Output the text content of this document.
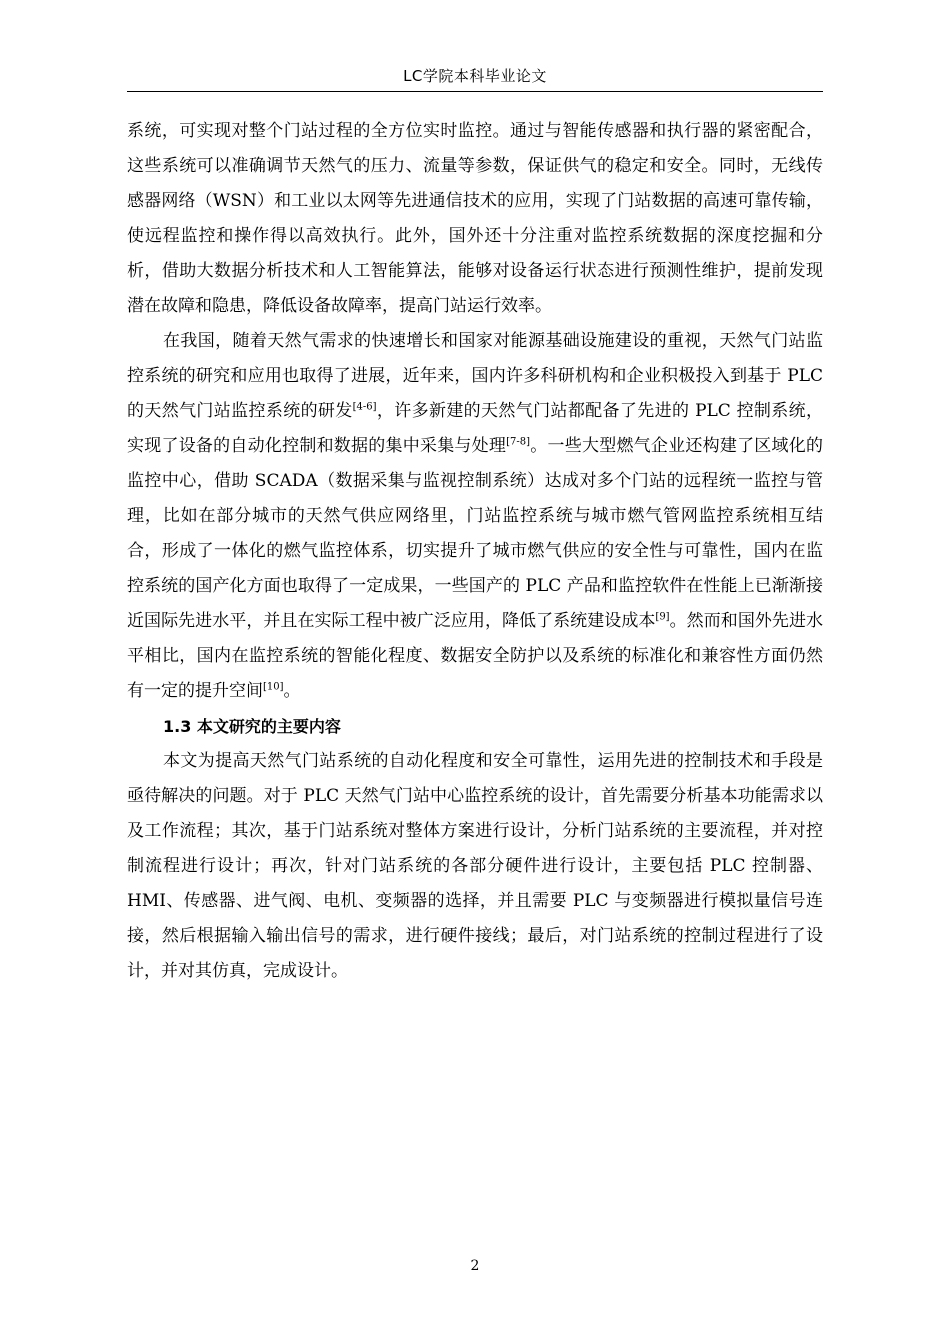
LC学院本科毕业论文

系统，可实现对整个门站过程的全方位实时监控。通过与智能传感器和执行器的紧密配合，这些系统可以准确调节天然气的压力、流量等参数，保证供气的稳定和安全。同时，无线传感器网络（WSN）和工业以太网等先进通信技术的应用，实现了门站数据的高速可靠传输，使远程监控和操作得以高效执行。此外，国外还十分注重对监控系统数据的深度挖掘和分析，借助大数据分析技术和人工智能算法，能够对设备运行状态进行预测性维护，提前发现潜在故障和隐患，降低设备故障率，提高门站运行效率。

在我国，随着天然气需求的快速增长和国家对能源基础设施建设的重视，天然气门站监控系统的研究和应用也取得了进展，近年来，国内许多科研机构和企业积极投入到基于 PLC 的天然气门站监控系统的研发[4-6]，许多新建的天然气门站都配备了先进的 PLC 控制系统，实现了设备的自动化控制和数据的集中采集与处理[7-8]。一些大型燃气企业还构建了区域化的监控中心，借助 SCADA（数据采集与监视控制系统）达成对多个门站的远程统一监控与管理，比如在部分城市的天然气供应网络里，门站监控系统与城市燃气管网监控系统相互结合，形成了一体化的燃气监控体系，切实提升了城市燃气供应的安全性与可靠性，国内在监控系统的国产化方面也取得了一定成果，一些国产的 PLC 产品和监控软件在性能上已渐渐接近国际先进水平，并且在实际工程中被广泛应用，降低了系统建设成本[9]。然而和国外先进水平相比，国内在监控系统的智能化程度、数据安全防护以及系统的标准化和兼容性方面仍然有一定的提升空间[10]。

1.3 本文研究的主要内容

本文为提高天然气门站系统的自动化程度和安全可靠性，运用先进的控制技术和手段是亟待解决的问题。对于 PLC 天然气门站中心监控系统的设计，首先需要分析基本功能需求以及工作流程；其次，基于门站系统对整体方案进行设计，分析门站系统的主要流程，并对控制流程进行设计；再次，针对门站系统的各部分硬件进行设计，主要包括 PLC 控制器、HMI、传感器、进气阀、电机、变频器的选择，并且需要 PLC 与变频器进行模拟量信号连接，然后根据输入输出信号的需求，进行硬件接线；最后，对门站系统的控制过程进行了设计，并对其仿真，完成设计。

2
